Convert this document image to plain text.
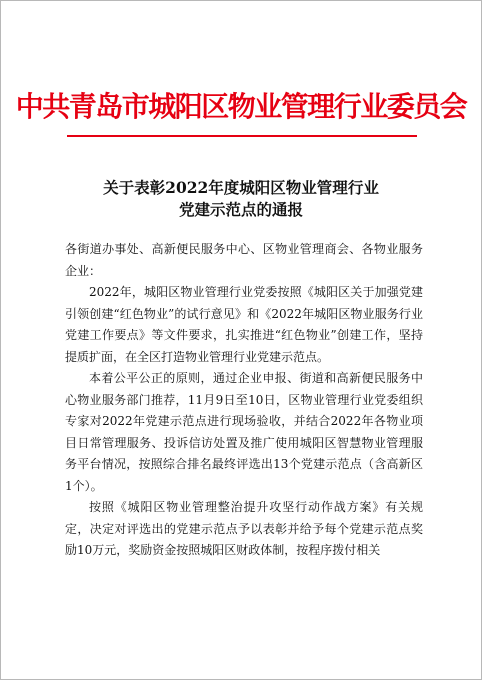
中共青岛市城阳区物业管理行业委员会
关于表彰2022年度城阳区物业管理行业
党建示范点的通报

各街道办事处、高新便民服务中心、区物业管理商会、各物业服务企业：

2022年，城阳区物业管理行业党委按照《城阳区关于加强党建引领创建“红色物业”的试行意见》和《2022年城阳区物业服务行业党建工作要点》等文件要求，扎实推进“红色物业”创建工作，坚持提质扩面，在全区打造物业管理行业党建示范点。

本着公平公正的原则，通过企业申报、街道和高新便民服务中心物业服务部门推荐，11月9日至10日，区物业管理行业党委组织专家对2022年党建示范点进行现场验收，并结合2022年各物业项目日常管理服务、投诉信访处置及推广使用城阳区智慧物业管理服务平台情况，按照综合排名最终评选出13个党建示范点（含高新区1个）。

按照《城阳区物业管理整治提升攻坚行动作战方案》有关规定，决定对评选出的党建示范点予以表彰并给予每个党建示范点奖励10万元，奖励资金按照城阳区财政体制，按程序拨付相关
